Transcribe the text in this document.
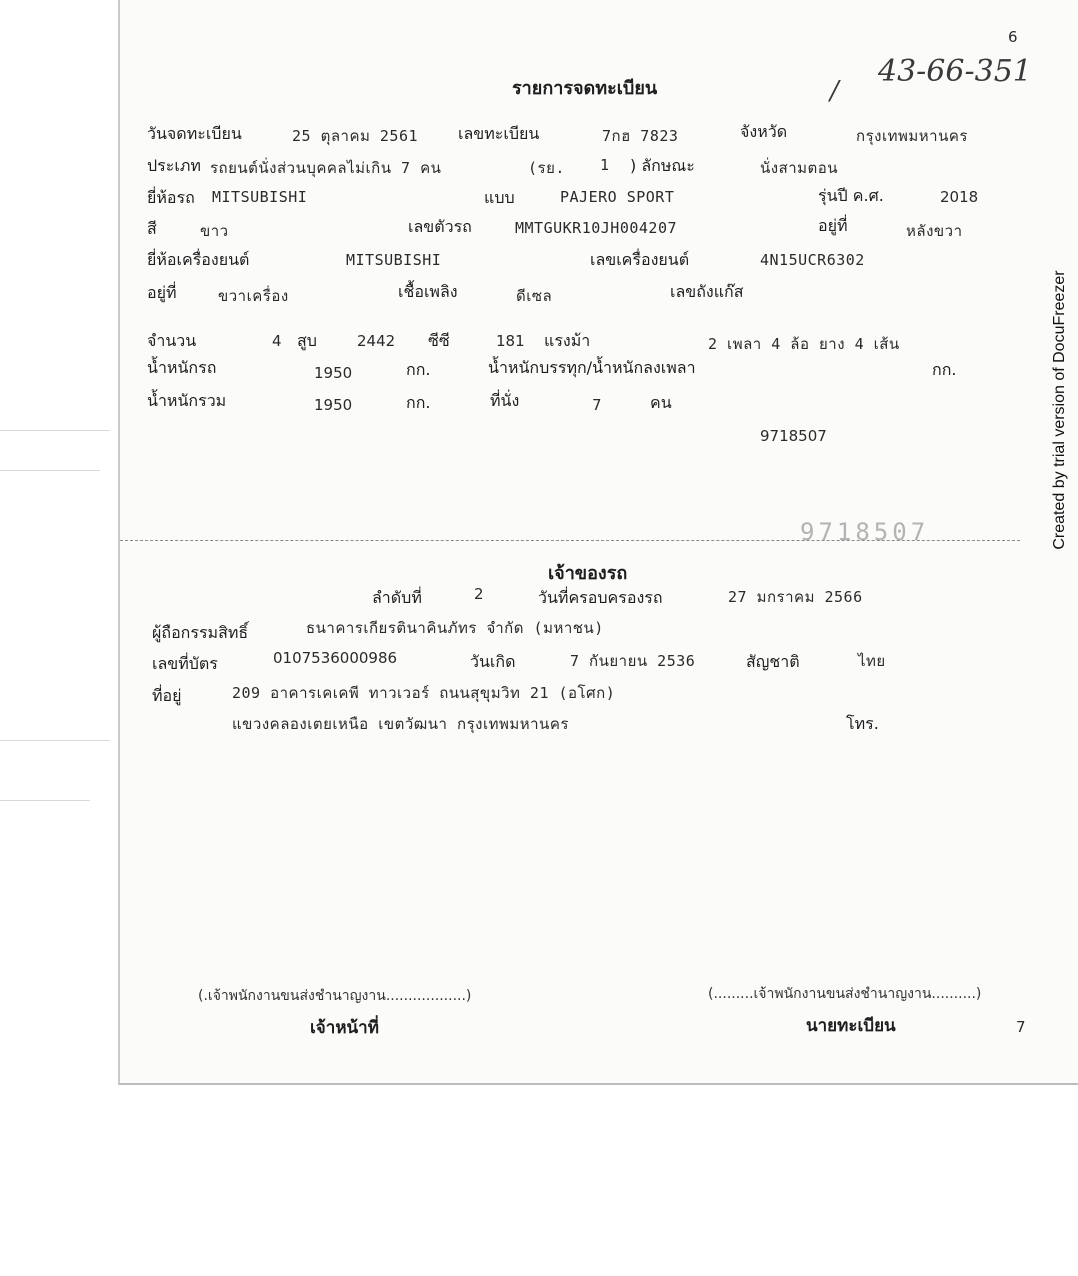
6
43-66-351
/
รายการจดทะเบียน
วันจดทะเบียน	25 ตุลาคม 2561 เลขทะเบียน	7กฮ 7823	จังหวัด	กรุงเทพมหานคร
ประเภท รถยนต์นั่งส่วนบุคคลไม่เกิน 7 คน	(รย. 1 ) ลักษณะ	นั่งสามตอน
ยี่ห้อรถ MITSUBISHI	แบบ	PAJERO SPORT	รุ่นปี ค.ศ.	2018
สี	ขาว	เลขตัวรถ	MMTGUKR10JH004207	อยู่ที่	หลังขวา
ยี่ห้อเครื่องยนต์	MITSUBISHI	เลขเครื่องยนต์	4N15UCR6302
อยู่ที่	ขวาเครื่อง	เชื้อเพลิง	ดีเซล	เลขถังแก๊ส
จำนวน	4 สูบ	2442 ซีซี	181 แรงม้า	2 เพลา 4 ล้อ ยาง 4 เส้น
น้ำหนักรถ	1950	กก.	น้ำหนักบรรทุก/น้ำหนักลงเพลา	กก.
น้ำหนักรวม	1950	กก.	ที่นั่ง	7	คน
9718507
9718507
เจ้าของรถ
ลำดับที่	2	วันที่ครอบครองรถ	27 มกราคม 2566
ผู้ถือกรรมสิทธิ์	ธนาคารเกียรตินาคินภัทร จำกัด (มหาชน)
เลขที่บัตร	0107536000986	วันเกิด	7 กันยายน 2536	สัญชาติ	ไทย
ที่อยู่	209 อาคารเคเคพี ทาวเวอร์ ถนนสุขุมวิท 21 (อโศก)
แขวงคลองเตยเหนือ เขตวัฒนา กรุงเทพมหานคร	โทร.
(.เจ้าพนักงานขนส่งชำนาญงาน..................)
เจ้าหน้าที่
(.........เจ้าพนักงานขนส่งชำนาญงาน..........)
นายทะเบียน	7
Created by trial version of DocuFreezer
